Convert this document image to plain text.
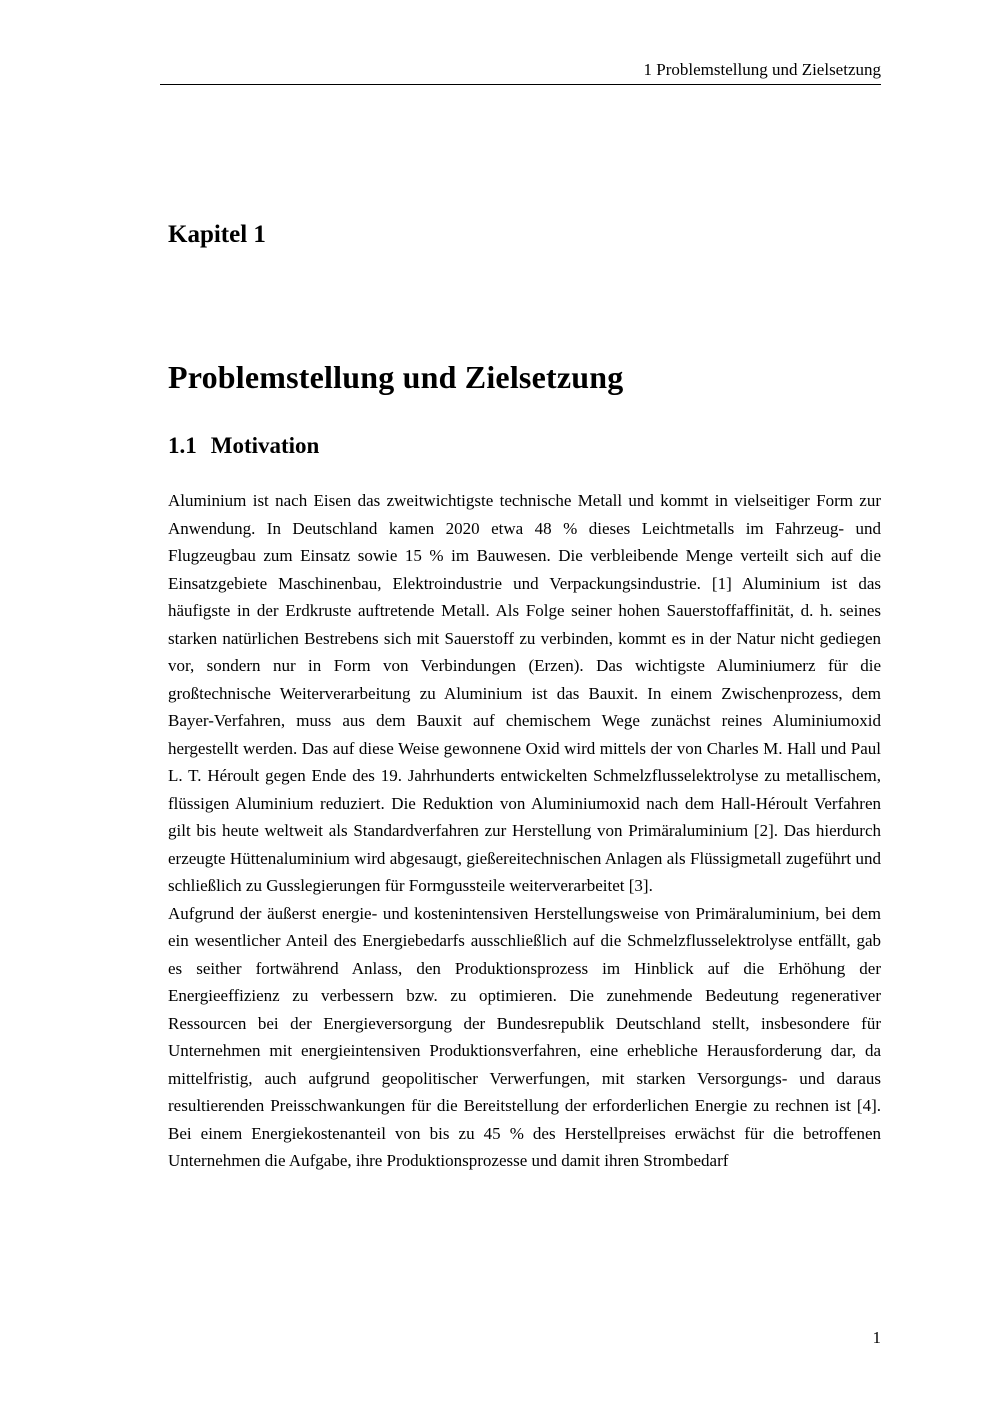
1 Problemstellung und Zielsetzung

Kapitel 1

Problemstellung und Zielsetzung
1.1 Motivation

Aluminium ist nach Eisen das zweitwichtigste technische Metall und kommt in vielseitiger Form zur Anwendung. In Deutschland kamen 2020 etwa 48 % dieses Leichtmetalls im Fahrzeug- und Flugzeugbau zum Einsatz sowie 15 % im Bauwesen. Die verbleibende Menge verteilt sich auf die Einsatzgebiete Maschinenbau, Elektroindustrie und Verpackungsindustrie. [1] Aluminium ist das häufigste in der Erdkruste auftretende Metall. Als Folge seiner hohen Sauerstoffaffinität, d. h. seines starken natürlichen Bestrebens sich mit Sauerstoff zu verbinden, kommt es in der Natur nicht gediegen vor, sondern nur in Form von Verbindungen (Erzen). Das wichtigste Aluminiumerz für die großtechnische Weiterverarbeitung zu Aluminium ist das Bauxit. In einem Zwischenprozess, dem Bayer-Verfahren, muss aus dem Bauxit auf chemischem Wege zunächst reines Aluminiumoxid hergestellt werden. Das auf diese Weise gewonnene Oxid wird mittels der von Charles M. Hall und Paul L. T. Héroult gegen Ende des 19. Jahrhunderts entwickelten Schmelzflusselektrolyse zu metallischem, flüssigen Aluminium reduziert. Die Reduktion von Aluminiumoxid nach dem Hall-Héroult Verfahren gilt bis heute weltweit als Standardverfahren zur Herstellung von Primäraluminium [2]. Das hierdurch erzeugte Hüttenaluminium wird abgesaugt, gießereitechnischen Anlagen als Flüssigmetall zugeführt und schließlich zu Gusslegierungen für Formgussteile weiterverarbeitet [3].

Aufgrund der äußerst energie- und kostenintensiven Herstellungsweise von Primäraluminium, bei dem ein wesentlicher Anteil des Energiebedarfs ausschließlich auf die Schmelzflusselektrolyse entfällt, gab es seither fortwährend Anlass, den Produktionsprozess im Hinblick auf die Erhöhung der Energieeffizienz zu verbessern bzw. zu optimieren. Die zunehmende Bedeutung regenerativer Ressourcen bei der Energieversorgung der Bundesrepublik Deutschland stellt, insbesondere für Unternehmen mit energieintensiven Produktionsverfahren, eine erhebliche Herausforderung dar, da mittelfristig, auch aufgrund geopolitischer Verwerfungen, mit starken Versorgungs- und daraus resultierenden Preisschwankungen für die Bereitstellung der erforderlichen Energie zu rechnen ist [4]. Bei einem Energiekostenanteil von bis zu 45 % des Herstellpreises erwächst für die betroffenen Unternehmen die Aufgabe, ihre Produktionsprozesse und damit ihren Strombedarf

1
